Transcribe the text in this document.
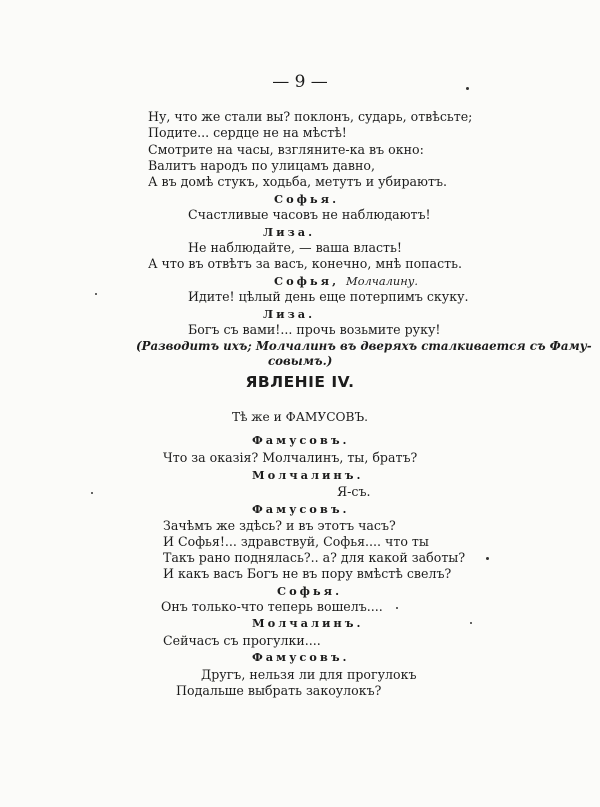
— 9 —

Ну, что же стали вы? поклонъ, сударь, отвѣсьте;

Подите... сердце не на мѣстѣ!

Смотрите на часы, взгляните-ка въ окно:

Валитъ народъ по улицамъ давно,

А въ домѣ стукъ, ходьба, метутъ и убираютъ.

Софья.

Счастливые часовъ не наблюдаютъ!

Лиза.

Не наблюдайте, — ваша власть!

А что въ отвѣтъ за васъ, конечно, мнѣ попасть.

Софья, Молчалину.

Идите! цѣлый день еще потерпимъ скуку.

Лиза.

Богъ съ вами!... прочь возьмите руку!

(Разводитъ ихъ; Молчалинъ въ дверяхъ сталкивается съ Фаму-

совымъ.)

ЯВЛЕНIЕ IV.
Тѣ же и ФАМУСОВЪ.

Фамусовъ.

Что за оказiя? Молчалинъ, ты, братъ?

Молчалинъ.

Я-съ.

Фамусовъ.

Зачѣмъ же здѣсь? и въ этотъ часъ?

И Софья!... здравствуй, Софья.... что ты

Такъ рано поднялась?.. а? для какой заботы?

И какъ васъ Богъ не въ пору вмѣстѣ свелъ?

Софья.

Онъ только-что теперь вошелъ....

Молчалинъ.

Сейчасъ съ прогулки....

Фамусовъ.

Другъ, нельзя ли для прогулокъ

Подальше выбрать закоулокъ?
